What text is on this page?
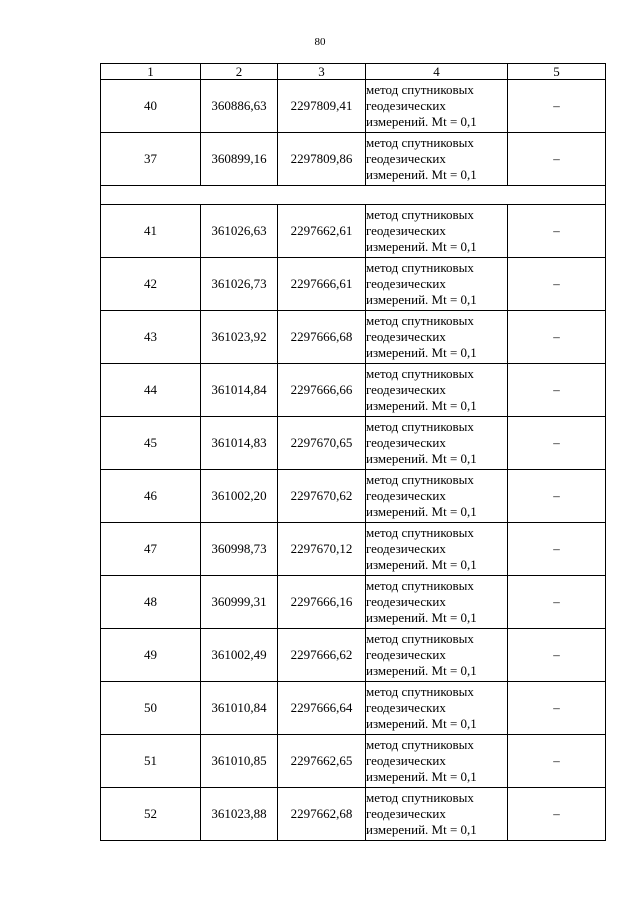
80
1	2	3	4	5
40	360886,63	2297809,41	метод спутниковых
геодезических
измерений. Mt = 0,1	–
37	360899,16	2297809,86	метод спутниковых
геодезических
измерений. Mt = 0,1	–

41	361026,63	2297662,61	метод спутниковых
геодезических
измерений. Mt = 0,1	–
42	361026,73	2297666,61	метод спутниковых
геодезических
измерений. Mt = 0,1	–
43	361023,92	2297666,68	метод спутниковых
геодезических
измерений. Mt = 0,1	–
44	361014,84	2297666,66	метод спутниковых
геодезических
измерений. Mt = 0,1	–
45	361014,83	2297670,65	метод спутниковых
геодезических
измерений. Mt = 0,1	–
46	361002,20	2297670,62	метод спутниковых
геодезических
измерений. Mt = 0,1	–
47	360998,73	2297670,12	метод спутниковых
геодезических
измерений. Mt = 0,1	–
48	360999,31	2297666,16	метод спутниковых
геодезических
измерений. Mt = 0,1	–
49	361002,49	2297666,62	метод спутниковых
геодезических
измерений. Mt = 0,1	–
50	361010,84	2297666,64	метод спутниковых
геодезических
измерений. Mt = 0,1	–
51	361010,85	2297662,65	метод спутниковых
геодезических
измерений. Mt = 0,1	–
52	361023,88	2297662,68	метод спутниковых
геодезических
измерений. Mt = 0,1	–
